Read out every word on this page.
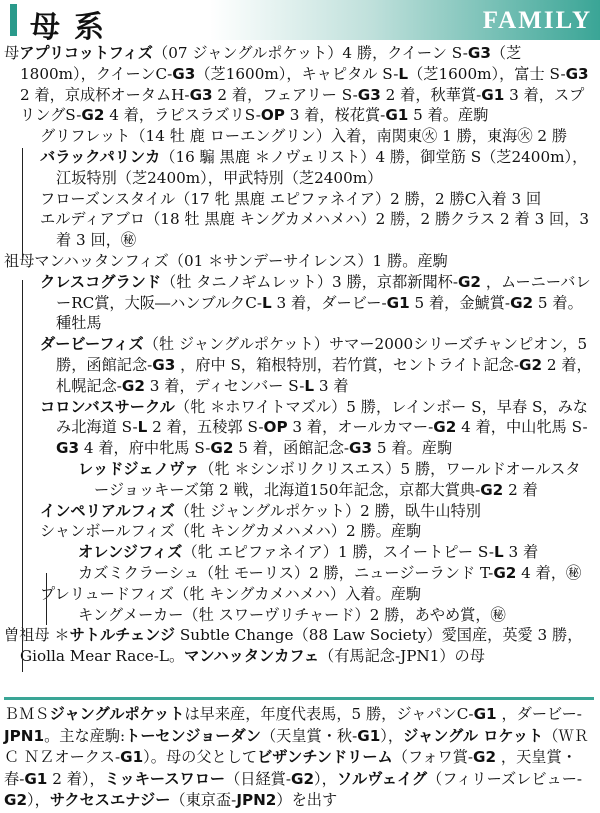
母系	FAMILY
母アプリコットフィズ（07 ジャングルポケット）4 勝，クイーン S-G3（芝1800m），クイーンC-G3（芝1600m），キャピタル S-L（芝1600m），富士 S-G3 2 着，京成杯オータムH-G3 2 着，フェアリー S-G3 2 着，秋華賞-G1 3 着，スプリングS-G2 4 着，ラピスラズリS-OP 3 着，桜花賞-G1 5 着。産駒
グリフレット（14 牡 鹿 ローエングリン）入着，南関東㊋ 1 勝，東海㊋ 2 勝
バラックパリンカ（16 騸 黒鹿 ＊ノヴェリスト）4 勝，御堂筋 S（芝2400m），江坂特別（芝2400m），甲武特別（芝2400m）
フローズンスタイル（17 牝 黒鹿 エピファネイア）2 勝，2 勝C入着 3 回
エルディアブロ（18 牡 黒鹿 キングカメハメハ）2 勝，2 勝クラス 2 着 3 回，3 着 3 回，㊙
祖母マンハッタンフィズ（01 ＊サンデーサイレンス）1 勝。産駒
クレスコグランド（牡 タニノギムレット）3 勝，京都新聞杯-G2 ，ムーニーバレーRC賞，大阪―ハンブルクC-L 3 着，ダービー-G1 5 着，金鯱賞-G2 5 着。種牡馬
ダービーフィズ（牡 ジャングルポケット）サマー2000シリーズチャンピオン，5 勝，函館記念-G3 ，府中 S，箱根特別，若竹賞，セントライト記念-G2 2 着，札幌記念-G2 3 着，ディセンバー S-L 3 着
コロンバスサークル（牝 ＊ホワイトマズル）5 勝，レインボー S，早春 S，みなみ北海道 S-L 2 着，五稜郭 S-OP 3 着，オールカマー-G2 4 着，中山牝馬 S-G3 4 着，府中牝馬 S-G2 5 着，函館記念-G3 5 着。産駒
レッドジェノヴァ（牝 ＊シンボリクリスエス）5 勝，ワールドオールスタージョッキーズ第 2 戦，北海道150年記念，京都大賞典-G2 2 着
インペリアルフィズ（牡 ジャングルポケット）2 勝，臥牛山特別
シャンボールフィズ（牝 キングカメハメハ）2 勝。産駒
オレンジフィズ（牝 エピファネイア）1 勝，スイートピー S-L 3 着
カズミクラーシュ（牡 モーリス）2 勝，ニュージーランド T-G2 4 着，㊙
プレリュードフィズ（牝 キングカメハメハ）入着。産駒
キングメーカー（牡 スワーヴリチャード）2 勝，あやめ賞，㊙
曽祖母 ＊サトルチェンジ Subtle Change（88 Law Society）愛国産，英愛 3 勝，Giolla Mear Race-L。マンハッタンカフェ（有馬記念-JPN1）の母
ＢＭＳジャングルポケットは早来産，年度代表馬，5 勝，ジャパンC-G1 ，ダービー-JPN1。主な産駒:トーセンジョーダン（天皇賞・秋-G1），ジャングル ロケット（ＷＲＣ ＮＺオークス-G1）。母の父としてビザンチンドリーム（フォワ賞-G2 ，天皇賞・春-G1 2 着），ミッキースワロー（日経賞-G2），ソルヴェイグ（フィリーズレビュー-G2），サクセスエナジー（東京盃-JPN2）を出す
